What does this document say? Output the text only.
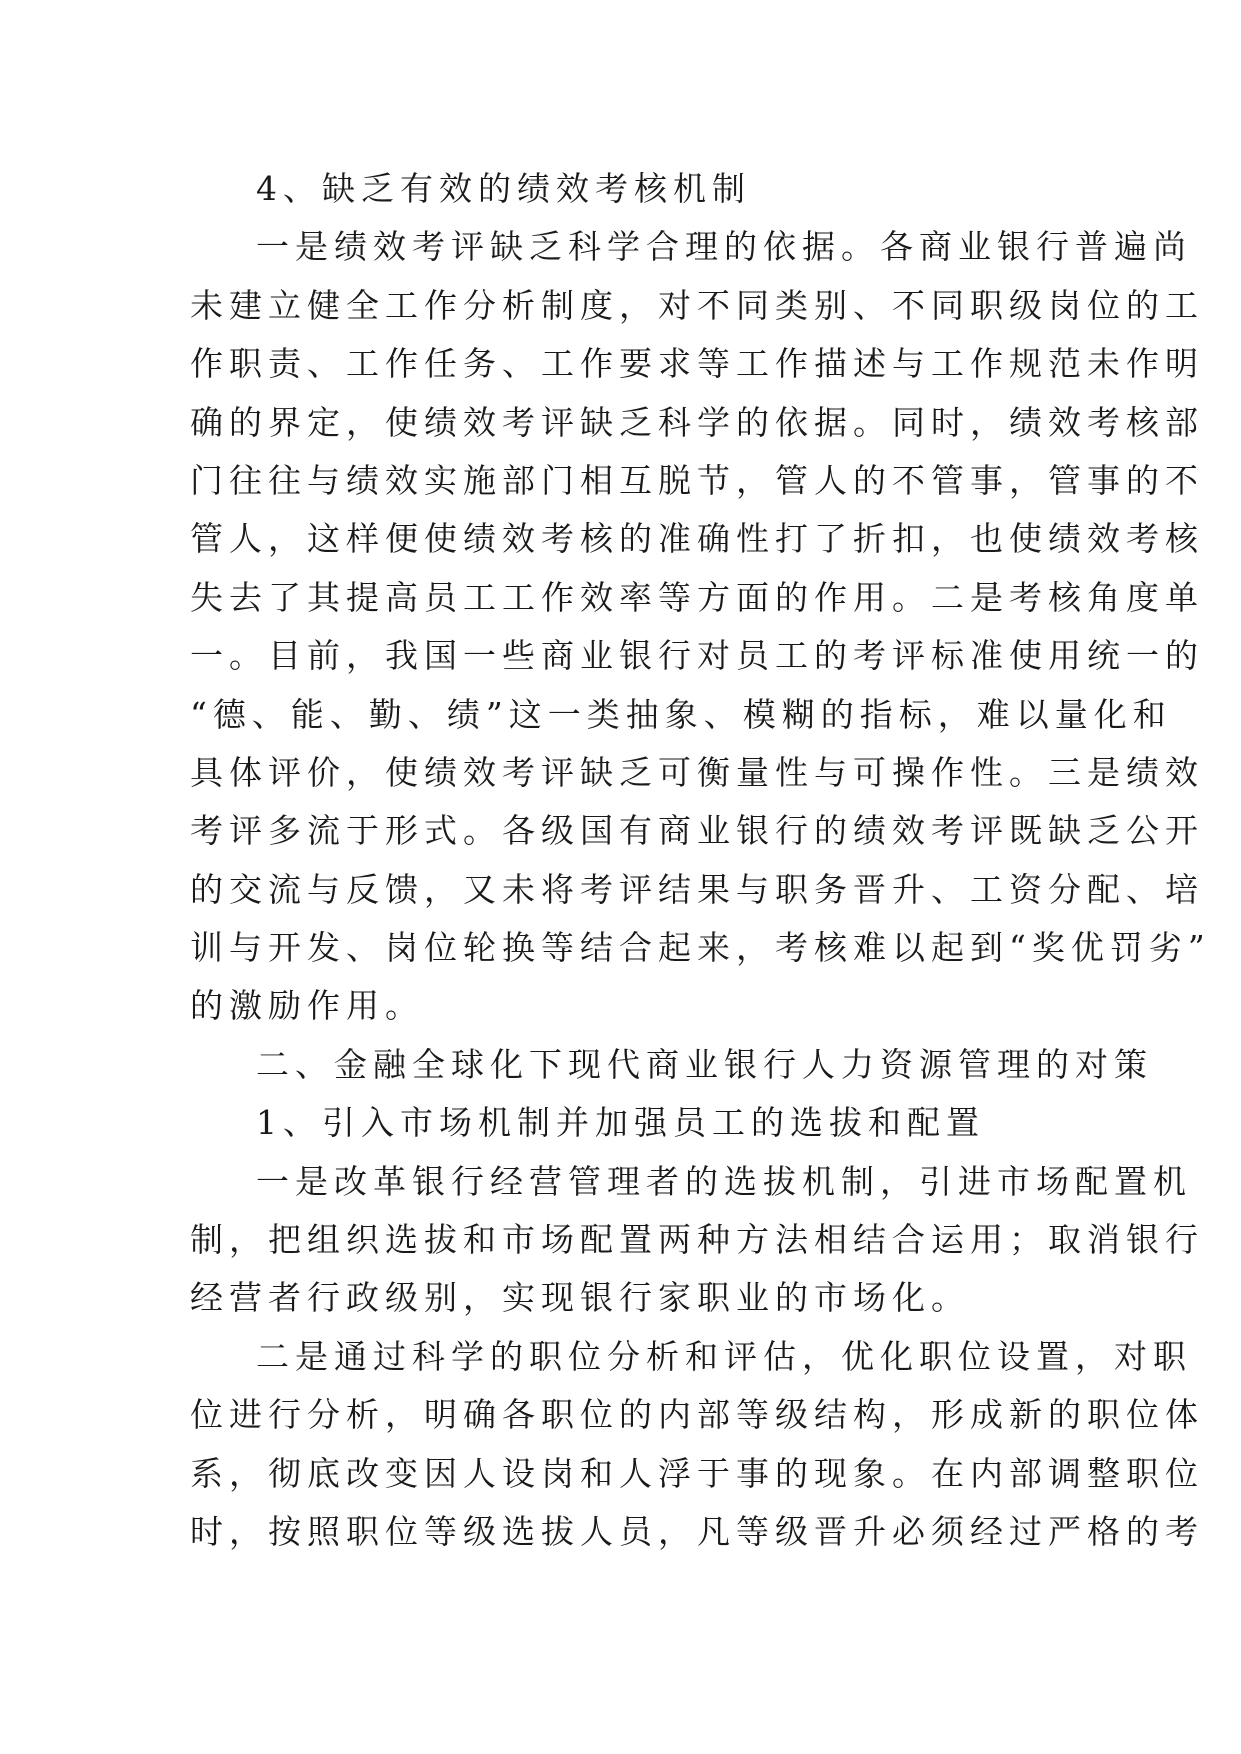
4、缺乏有效的绩效考核机制
一是绩效考评缺乏科学合理的依据。各商业银行普遍尚
未建立健全工作分析制度，对不同类别、不同职级岗位的工
作职责、工作任务、工作要求等工作描述与工作规范未作明
确的界定，使绩效考评缺乏科学的依据。同时，绩效考核部
门往往与绩效实施部门相互脱节，管人的不管事，管事的不
管人，这样便使绩效考核的准确性打了折扣，也使绩效考核
失去了其提高员工工作效率等方面的作用。二是考核角度单
一。目前，我国一些商业银行对员工的考评标准使用统一的
“德、能、勤、绩”这一类抽象、模糊的指标，难以量化和
具体评价，使绩效考评缺乏可衡量性与可操作性。三是绩效
考评多流于形式。各级国有商业银行的绩效考评既缺乏公开
的交流与反馈，又未将考评结果与职务晋升、工资分配、培
训与开发、岗位轮换等结合起来，考核难以起到“奖优罚劣”
的激励作用。
二、金融全球化下现代商业银行人力资源管理的对策
1、引入市场机制并加强员工的选拔和配置
一是改革银行经营管理者的选拔机制，引进市场配置机
制，把组织选拔和市场配置两种方法相结合运用；取消银行
经营者行政级别，实现银行家职业的市场化。
二是通过科学的职位分析和评估，优化职位设置，对职
位进行分析，明确各职位的内部等级结构，形成新的职位体
系，彻底改变因人设岗和人浮于事的现象。在内部调整职位
时，按照职位等级选拔人员，凡等级晋升必须经过严格的考
